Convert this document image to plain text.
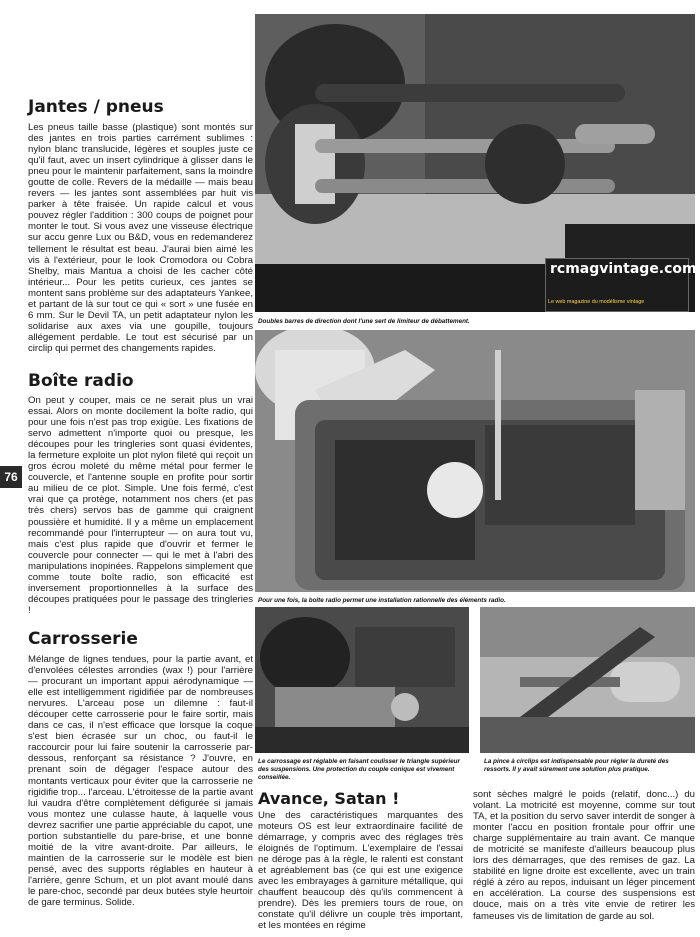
76
Jantes / pneus

Les pneus taille basse (plastique) sont montés sur des jantes en trois parties carrément sublimes : nylon blanc translucide, légères et souples juste ce qu'il faut, avec un insert cylindrique à glisser dans le pneu pour le maintenir parfaitement, sans la moindre goutte de colle. Revers de la médaille — mais beau revers — les jantes sont assemblées par huit vis parker à tête fraisée. Un rapide calcul et vous pouvez régler l'addition : 300 coups de poignet pour monter le tout. Si vous avez une visseuse électrique sur accu genre Lux ou B&D, vous en redemanderez tellement le résultat est beau. J'aurai bien aimé les vis à l'extérieur, pour le look Cromodora ou Cobra Shelby, mais Mantua a choisi de les cacher côté intérieur... Pour les petits curieux, ces jantes se montent sans problème sur des adaptateurs Yankee, et partant de là sur tout ce qui « sort » une fusée en 6 mm. Sur le Devil TA, un petit adaptateur nylon les solidarise aux axes via une goupille, toujours allégement perdable. Le tout est sécurisé par un circlip qui permet des changements rapides.

Boîte radio

On peut y couper, mais ce ne serait plus un vrai essai. Alors on monte docilement la boîte radio, qui pour une fois n'est pas trop exigüe. Les fixations de servo admettent n'importe quoi ou presque, les découpes pour les tringleries sont quasi évidentes, la fermeture exploite un plot nylon fileté qui reçoit un gros écrou moleté du même métal pour fermer le couvercle, et l'antenne souple en profite pour sortir au milieu de ce plot. Simple. Une fois fermé, c'est vrai que ça protège, notamment nos chers (et pas très chers) servos bas de gamme qui craignent poussière et humidité. Il y a même un emplacement recommandé pour l'interrupteur — on aura tout vu, mais c'est plus rapide que d'ouvrir et fermer le couvercle pour connecter — qui le met à l'abri des manipulations inopinées. Rappelons simplement que comme toute boîte radio, son efficacité est inversement proportionnelles à la surface des découpes pratiquées pour le passage des tringleries !

Carrosserie

Mélange de lignes tendues, pour la partie avant, et d'envolées célestes arrondies (wax !) pour l'arrière — procurant un important appui aérodynamique — elle est intelligemment rigidifiée par de nombreuses nervures. L'arceau pose un dilemne : faut-il découper cette carrosserie pour le faire sortir, mais dans ce cas, il n'est efficace que lorsque la coque s'est bien écrasée sur un choc, ou faut-il le raccourcir pour lui faire soutenir la carrosserie par-dessous, renforçant sa résistance ? J'ouvre, en prenant soin de dégager l'espace autour des montants verticaux pour éviter que la carrosserie ne rigidifie trop... l'arceau. L'étroitesse de la partie avant lui vaudra d'être complètement défigurée si jamais vous montez une culasse haute, à laquelle vous devrez sacrifier une partie appréciable du capot, une portion substantielle du pare-brise, et une bonne moitié de la vitre avant-droite. Par ailleurs, le maintien de la carrosserie sur le modèle est bien pensé, avec des supports réglables en hauteur à l'arrière, genre Schum, et un plot avant moulé dans le pare-choc, secondé par deux butées style heurtoir de gare terminus. Solide.

rcmagvintage.com
Le web magazine du modélisme vintage
Doubles barres de direction dont l'une sert de limiteur de débattement.
Pour une fois, la boîte radio permet une installation rationnelle des éléments radio.
Le carrossage est réglable en faisant coulisser le triangle supérieur des suspensions. Une protection du couple conique est vivement conseillée.
La pince à circlips est indispensable pour régler la dureté des ressorts. Il y avait sûrement une solution plus pratique.
Avance, Satan !
Une des caractéristiques marquantes des moteurs OS est leur extraordinaire facilité de démarrage, y compris avec des réglages très éloignés de l'optimum. L'exemplaire de l'essai ne déroge pas à la règle, le ralenti est constant et agréablement bas (ce qui est une exigence avec les embrayages à garniture métallique, qui chauffent beaucoup dès qu'ils commencent à prendre). Dès les premiers tours de roue, on constate qu'il délivre un couple très important, et les montées en régime
sont sèches malgré le poids (relatif, donc...) du volant. La motricité est moyenne, comme sur tout TA, et la position du servo saver interdit de songer à monter l'accu en position frontale pour offrir une charge supplémentaire au train avant. Ce manque de motricité se manifeste d'ailleurs beaucoup plus lors des démarrages, que des remises de gaz. La stabilité en ligne droite est excellente, avec un train réglé à zéro au repos, induisant un léger pincement en accélération. La course des suspensions est douce, mais on a très vite envie de retirer les fameuses vis de limitation de garde au sol.
